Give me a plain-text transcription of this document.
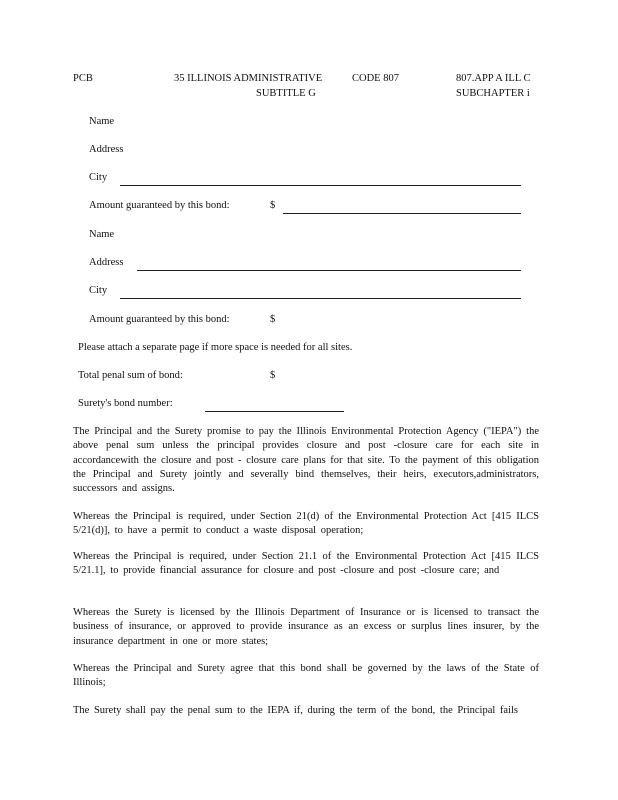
PCB	35 ILLINOIS ADMINISTRATIVE	CODE 807
SUBTITLE G
807.APP A ILL C
SUBCHAPTER i
Name
Address
City
Amount guaranteed by this bond:	$
Name
Address
City
Amount guaranteed by this bond:	$
Please attach a separate page if more space is needed for all sites.
Total penal sum of bond:	$
Surety's bond number:
The Principal and the Surety promise to pay the Illinois Environmental Protection Agency ("IEPA") the above penal sum unless the principal provides closure and post -closure care for each site in accordancewith the closure and post - closure care plans for that site. To the payment of this obligation the Principal and Surety jointly and severally bind themselves, their heirs, executors,administrators, successors and assigns.
Whereas the Principal is required, under Section 21(d) of the Environmental Protection Act [415 ILCS 5/21(d)], to have a permit to conduct a waste disposal operation;
Whereas the Principal is required, under Section 21.1 of the Environmental Protection Act [415 ILCS 5/21.1], to provide financial assurance for closure and post -closure and post -closure care; and
Whereas the Surety is licensed by the Illinois Department of Insurance or is licensed to transact the business of insurance, or approved to provide insurance as an excess or surplus lines insurer, by the insurance department in one or more states;
Whereas the Principal and Surety agree that this bond shall be governed by the laws of the State of Illinois;
The Surety shall pay the penal sum to the IEPA if, during the term of the bond, the Principal fails
